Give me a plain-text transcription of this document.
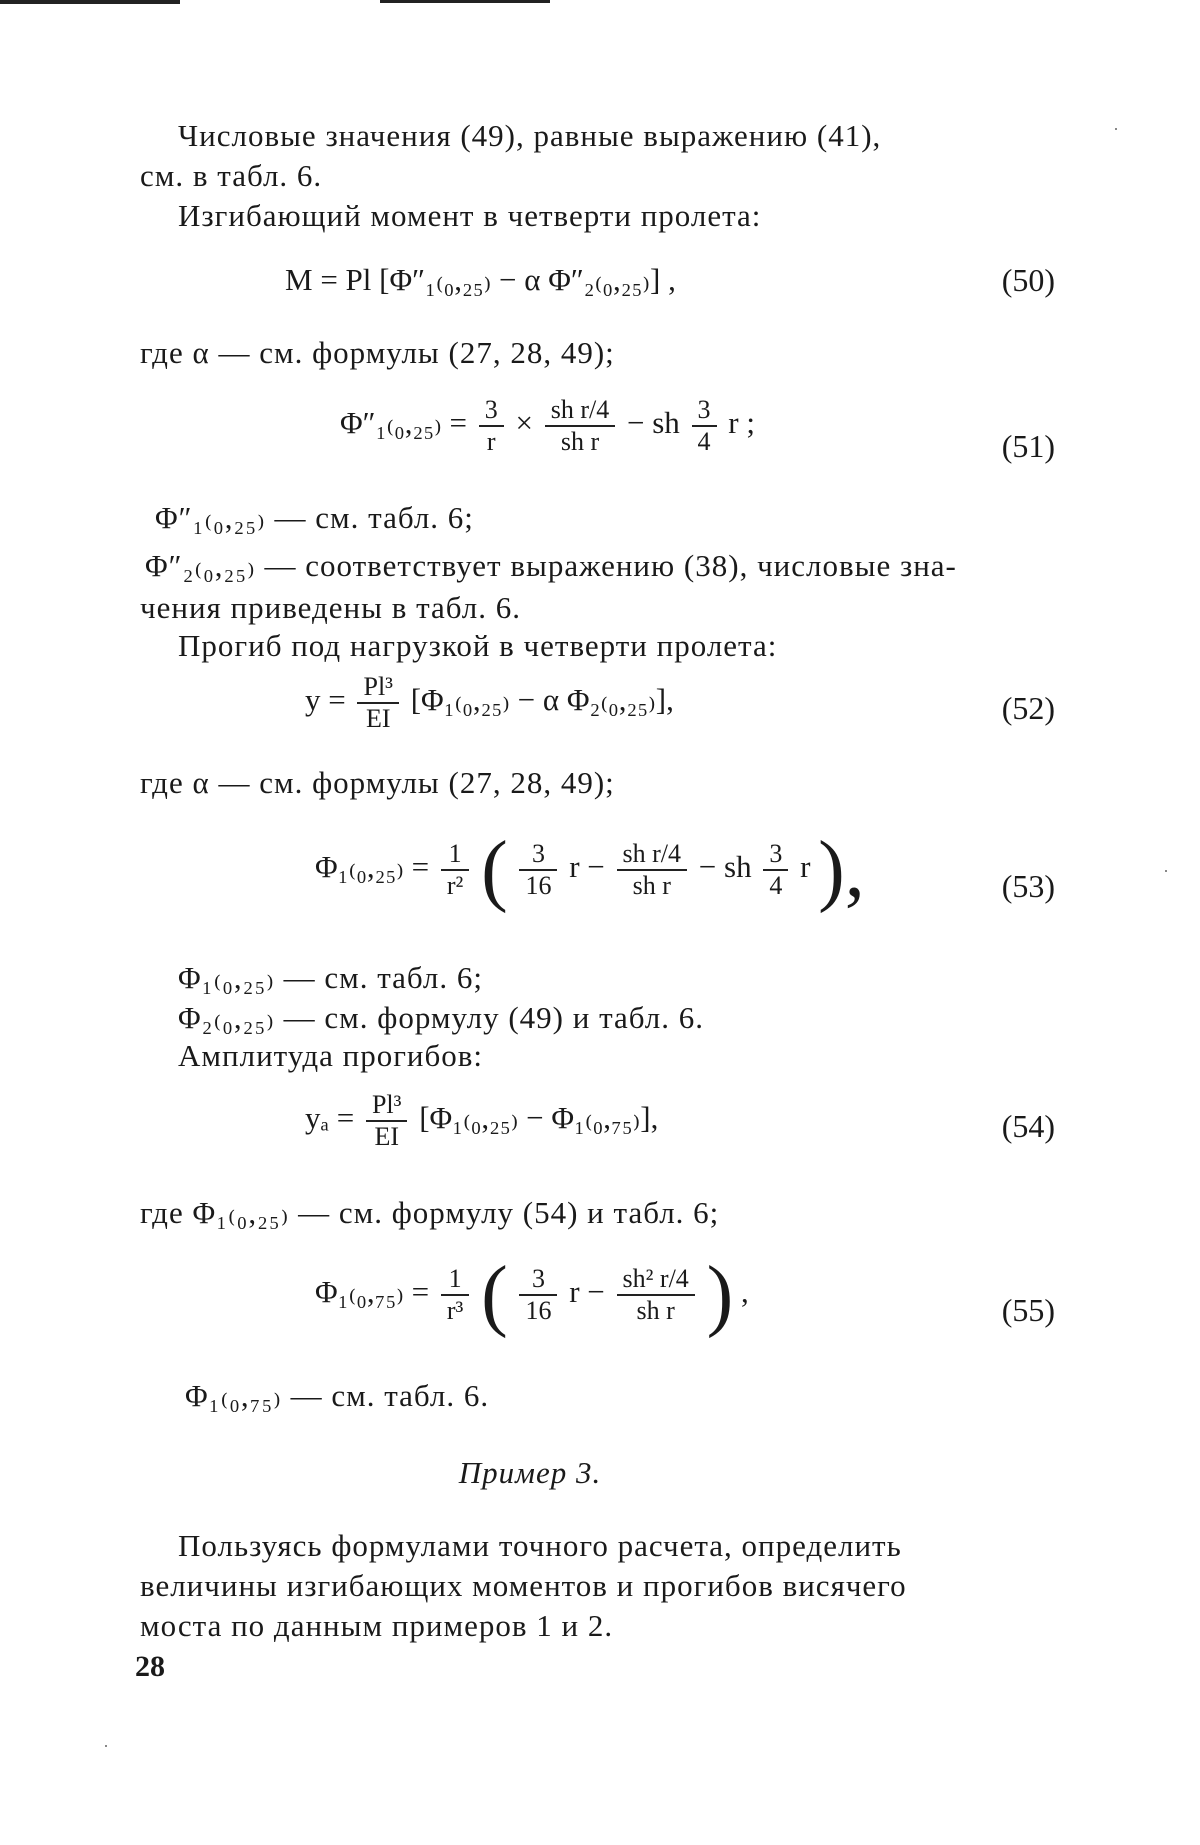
Числовые значения (49), равные выражению (41),
см. в табл. 6.
Изгибающий момент в четверти пролета:
M = Pl [Φ″₁₍₀,₂₅₎ − α Φ″₂₍₀,₂₅₎] ,	(50)
где α — см. формулы (27, 28, 49);
$\Phi''_{1(0},_{25)} = \frac{3}{r} \times \frac{\text{sh r/4}}{\text{sh r}}$ − sh $\frac{3}{4}$ r ;
(51)
Φ″₁₍₀,₂₅₎ — см. табл. 6;
Φ″₂₍₀,₂₅₎ — соответствует выражению (38), числовые зна-
чения приведены в табл. 6.
Прогиб под нагрузкой в четверти пролета:
$y = \frac{\text{Pl³}}{EI} [\Phi_{1(0},_{25)} - \alpha$ Φ₂₍₀,₂₅₎],	(52)
где α — см. формулы (27, 28, 49);
$\Phi_{1(0},_{25)} = \frac{1}{\text{r²}}$ ( $\frac{3}{16}$ $r - \frac{\text{sh r/4}}{\text{sh r}}$ − sh $\frac{3}{4}$ r ),	(53)
Φ₁₍₀,₂₅₎ — см. табл. 6;
Φ₂₍₀,₂₅₎ — см. формулу (49) и табл. 6.
Амплитуда прогибов:
$y_a = \frac{\text{Pl³}}{EI} [\Phi_{1(0},_{25)} - \Phi_{1(0},_{75)}]$,	(54)
где Φ₁₍₀,₂₅₎ — см. формулу (54) и табл. 6;
$\Phi_{1(0},_{75)} = \frac{1}{\text{r³}}$ ( $\frac{3}{16}$ $r - \frac{\text{sh² r/4}}{\text{sh r}}$ ) ,
(55)
Φ₁₍₀,₇₅₎ — см. табл. 6.
Пример 3.
Пользуясь формулами точного расчета, определить
величины изгибающих моментов и прогибов висячего
моста по данным примеров 1 и 2.
28
